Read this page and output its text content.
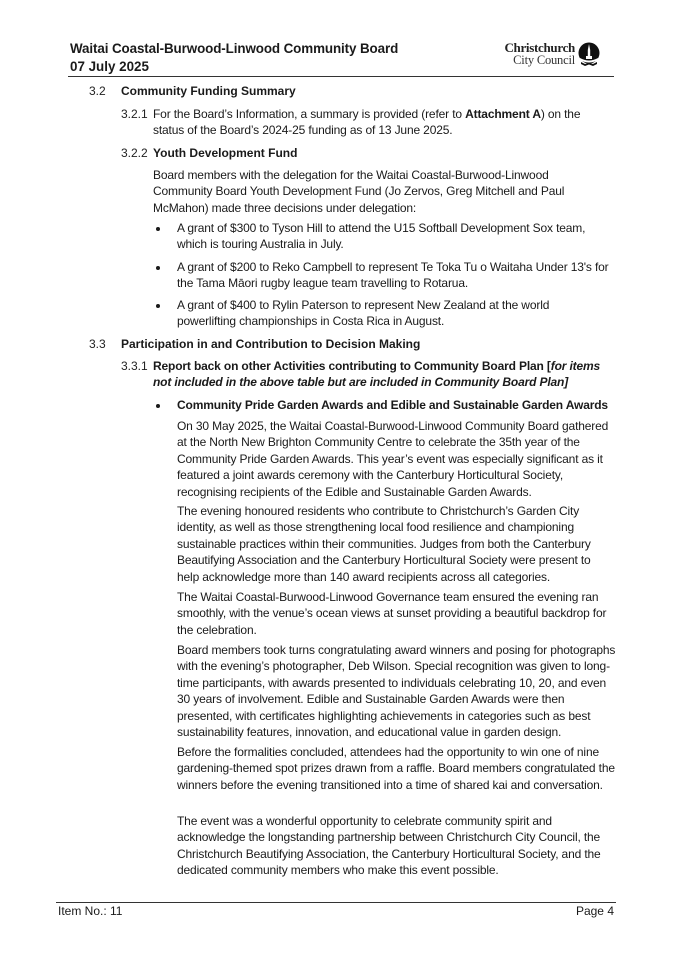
Waitai Coastal-Burwood-Linwood Community Board
07 July 2025
Christchurch
City Council
3.2 Community Funding Summary
3.2.1 For the Board’s Information, a summary is provided (refer to Attachment A) on the status of the Board’s 2024-25 funding as of 13 June 2025.
3.2.2 Youth Development Fund
Board members with the delegation for the Waitai Coastal-Burwood-Linwood Community Board Youth Development Fund (Jo Zervos, Greg Mitchell and Paul McMahon) made three decisions under delegation:
A grant of $300 to Tyson Hill to attend the U15 Softball Development Sox team, which is touring Australia in July.
A grant of $200 to Reko Campbell to represent Te Toka Tu o Waitaha Under 13's for the Tama Māori rugby league team travelling to Rotarua.
A grant of $400 to Rylin Paterson to represent New Zealand at the world powerlifting championships in Costa Rica in August.
3.3 Participation in and Contribution to Decision Making
3.3.1 Report back on other Activities contributing to Community Board Plan [for items not included in the above table but are included in Community Board Plan]
Community Pride Garden Awards and Edible and Sustainable Garden Awards
On 30 May 2025, the Waitai Coastal-Burwood-Linwood Community Board gathered at the North New Brighton Community Centre to celebrate the 35th year of the Community Pride Garden Awards. This year’s event was especially significant as it featured a joint awards ceremony with the Canterbury Horticultural Society, recognising recipients of the Edible and Sustainable Garden Awards.
The evening honoured residents who contribute to Christchurch’s Garden City identity, as well as those strengthening local food resilience and championing sustainable practices within their communities. Judges from both the Canterbury Beautifying Association and the Canterbury Horticultural Society were present to help acknowledge more than 140 award recipients across all categories.
The Waitai Coastal-Burwood-Linwood Governance team ensured the evening ran smoothly, with the venue’s ocean views at sunset providing a beautiful backdrop for the celebration.
Board members took turns congratulating award winners and posing for photographs with the evening’s photographer, Deb Wilson. Special recognition was given to long-time participants, with awards presented to individuals celebrating 10, 20, and even 30 years of involvement. Edible and Sustainable Garden Awards were then presented, with certificates highlighting achievements in categories such as best sustainability features, innovation, and educational value in garden design.
Before the formalities concluded, attendees had the opportunity to win one of nine gardening-themed spot prizes drawn from a raffle. Board members congratulated the winners before the evening transitioned into a time of shared kai and conversation.
The event was a wonderful opportunity to celebrate community spirit and acknowledge the longstanding partnership between Christchurch City Council, the Christchurch Beautifying Association, the Canterbury Horticultural Society, and the dedicated community members who make this event possible.
Item No.: 11	Page 4
